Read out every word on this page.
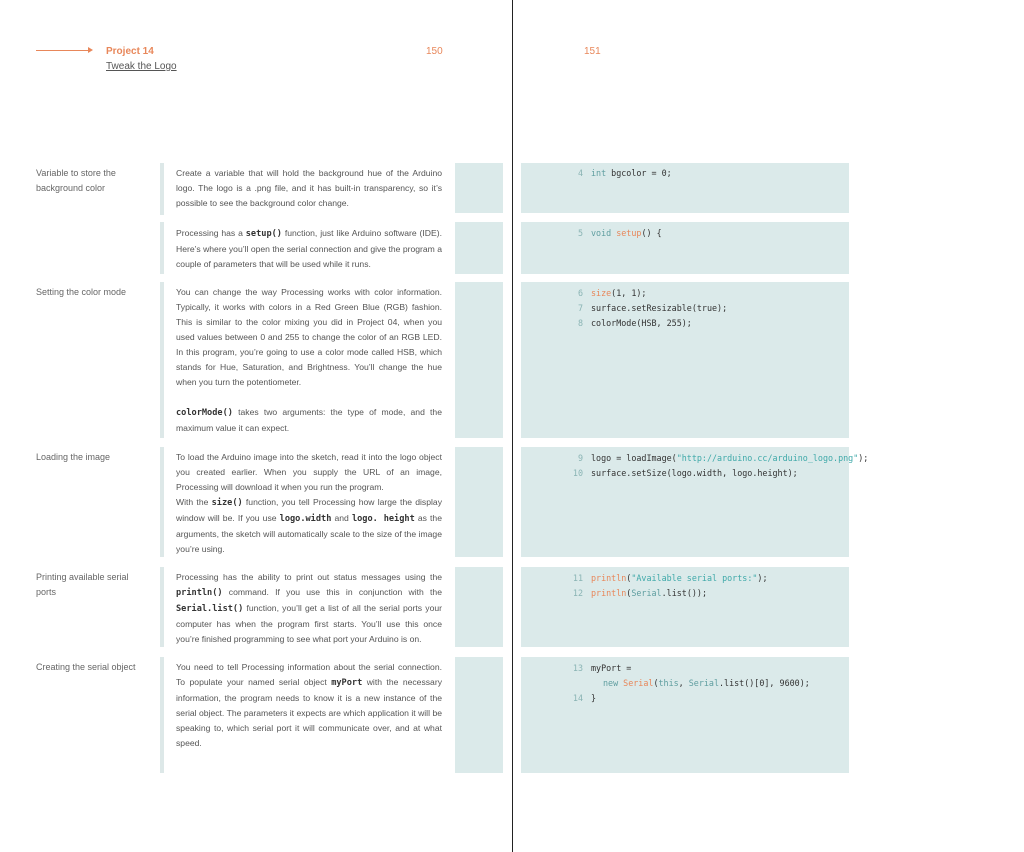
Project 14
Tweak the Logo
150	151
Variable to store the background color
Create a variable that will hold the background hue of the Arduino logo. The logo is a .png file, and it has built-in transparency, so it’s possible to see the background color change.
4 int bgcolor = 0;
Processing has a setup() function, just like Arduino software (IDE). Here’s where you’ll open the serial connection and give the program a couple of parameters that will be used while it runs.
5 void setup() {
Setting the color mode	You can change the way Processing works with color information. Typically, it works with colors in a Red Green Blue (RGB) fashion. This is similar to the color mixing you did in Project 04, when you used values between 0 and 255 to change the color of an RGB LED. In this program, you’re going to use a color mode called HSB, which stands for Hue, Saturation, and Brightness. You’ll change the hue when you turn the potentiometer.
colorMode() takes two arguments: the type of mode, and the maximum value it can expect.
6 size(1, 1);
7 surface.setResizable(true);
8 colorMode(HSB, 255);
Loading the image	To load the Arduino image into the sketch, read it into the logo object you created earlier. When you supply the URL of an image, Processing will download it when you run the program.
With the size() function, you tell Processing how large the display window will be. If you use logo.width and logo. height as the arguments, the sketch will automatically scale to the size of the image you’re using.
9 logo = loadImage("http://arduino.cc/arduino_logo.png");
10 surface.setSize(logo.width, logo.height);
Printing available serial ports
Processing has the ability to print out status messages using the println() command. If you use this in conjunction with the Serial.list() function, you’ll get a list of all the serial ports your computer has when the program first starts. You’ll use this once you’re finished programming to see what port your Arduino is on.
11 println("Available serial ports:");
12 println(Serial.list());
Creating the serial object	You need to tell Processing information about the serial connection. To populate your named serial object myPort with the necessary information, the program needs to know it is a new instance of the serial object. The parameters it expects are which application it will be speaking to, which serial port it will communicate over, and at what speed.
13 myPort =
new Serial(this, Serial.list()[0], 9600);
14 }
